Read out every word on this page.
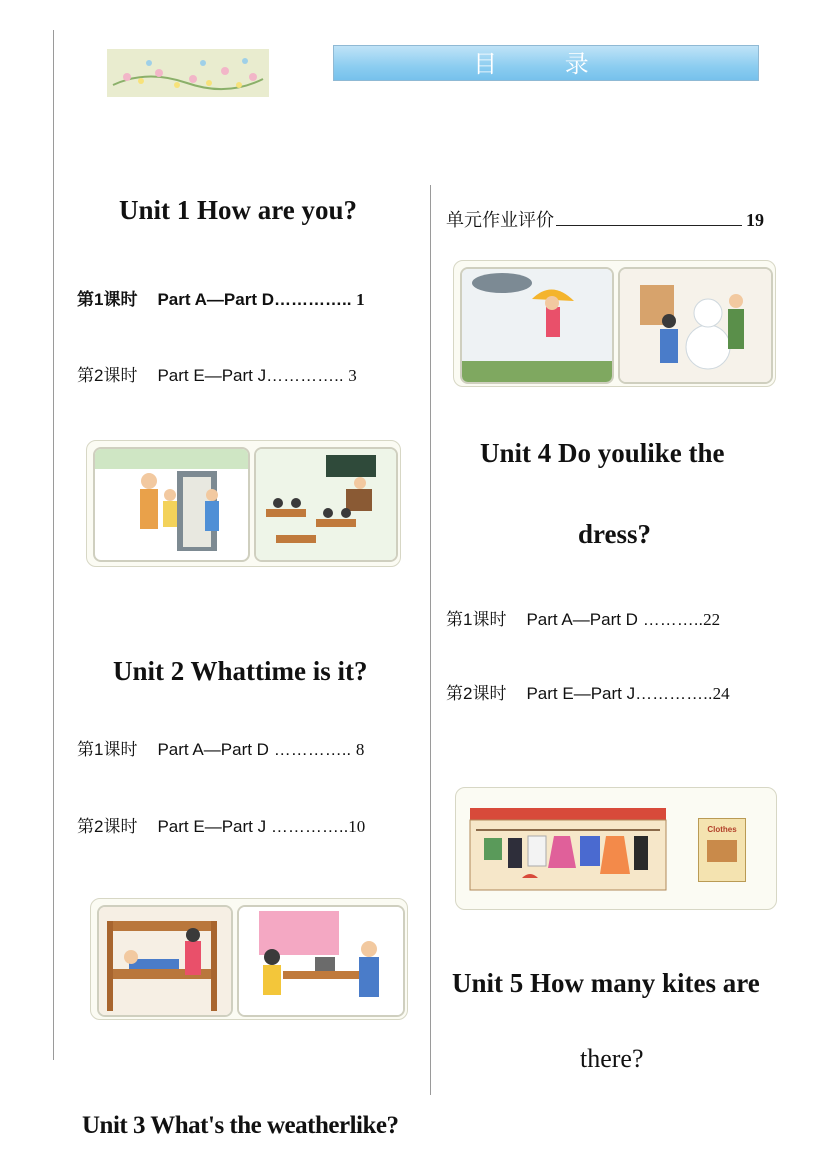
目 录
Unit 1 How are you?
第1课时 Part A—Part D………….. 1
第2课时 Part E—Part J………….. 3
Unit 2 Whattime is it?
第1课时 Part A—Part D ………….. 8
第2课时 Part E—Part J …………..10
Unit 3 What's the weatherlike?
单元作业评价	19
Unit 4 Do youlike the
dress?
第1课时 Part A—Part D ………..22
第2课时 Part E—Part J…………..24
Clothes
Unit 5 How many kites are
there?
